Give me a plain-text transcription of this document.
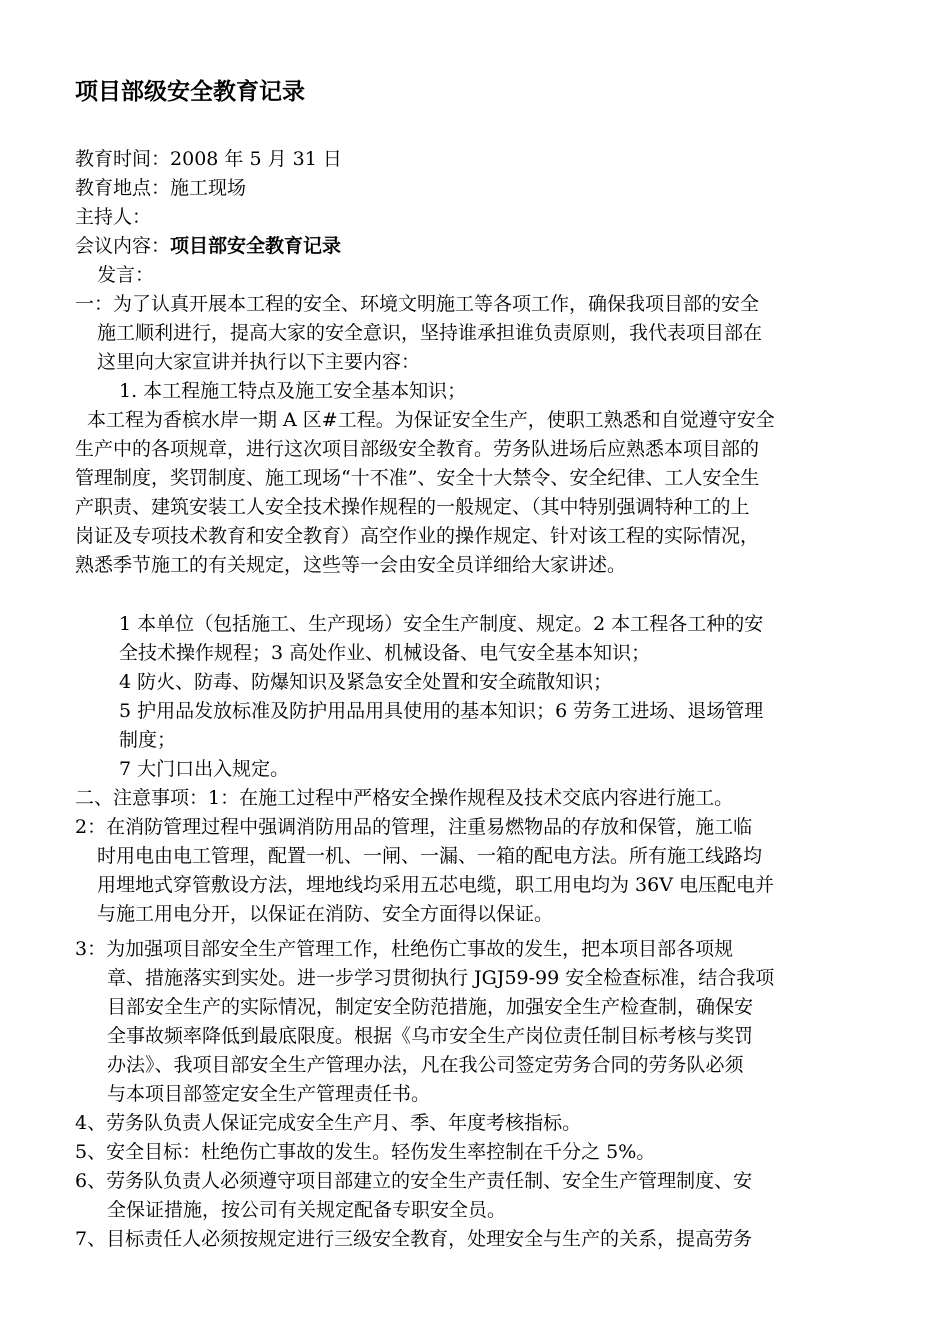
项目部级安全教育记录

教育时间：2008 年 5 月 31 日

教育地点：施工现场

主持人：

会议内容：项目部安全教育记录

发言：

一：为了认真开展本工程的安全、环境文明施工等各项工作，确保我项目部的安全

施工顺利进行，提高大家的安全意识，坚持谁承担谁负责原则，我代表项目部在

这里向大家宣讲并执行以下主要内容：

1. 本工程施工特点及施工安全基本知识；

本工程为香槟水岸一期 A 区#工程。为保证安全生产，使职工熟悉和自觉遵守安全

生产中的各项规章，进行这次项目部级安全教育。劳务队进场后应熟悉本项目部的

管理制度，奖罚制度、施工现场“十不准”、安全十大禁令、安全纪律、工人安全生

产职责、建筑安装工人安全技术操作规程的一般规定、（其中特别强调特种工的上

岗证及专项技术教育和安全教育）高空作业的操作规定、针对该工程的实际情况，

熟悉季节施工的有关规定，这些等一会由安全员详细给大家讲述。

1 本单位（包括施工、生产现场）安全生产制度、规定。2 本工程各工种的安

全技术操作规程；3 高处作业、机械设备、电气安全基本知识；

4 防火、防毒、防爆知识及紧急安全处置和安全疏散知识；

5 护用品发放标准及防护用品用具使用的基本知识；6 劳务工进场、退场管理

制度；

7 大门口出入规定。

二、注意事项：1：在施工过程中严格安全操作规程及技术交底内容进行施工。

2：在消防管理过程中强调消防用品的管理，注重易燃物品的存放和保管，施工临

时用电由电工管理，配置一机、一闸、一漏、一箱的配电方法。所有施工线路均

用埋地式穿管敷设方法，埋地线均采用五芯电缆，职工用电均为 36V 电压配电并

与施工用电分开，以保证在消防、安全方面得以保证。

3：为加强项目部安全生产管理工作，杜绝伤亡事故的发生，把本项目部各项规

章、措施落实到实处。进一步学习贯彻执行 JGJ59-99 安全检查标准，结合我项

目部安全生产的实际情况，制定安全防范措施，加强安全生产检查制，确保安

全事故频率降低到最底限度。根据《乌市安全生产岗位责任制目标考核与奖罚

办法》、我项目部安全生产管理办法，凡在我公司签定劳务合同的劳务队必须

与本项目部签定安全生产管理责任书。

4、劳务队负责人保证完成安全生产月、季、年度考核指标。

5、安全目标：杜绝伤亡事故的发生。轻伤发生率控制在千分之 5%。

6、劳务队负责人必须遵守项目部建立的安全生产责任制、安全生产管理制度、安

全保证措施，按公司有关规定配备专职安全员。

7、目标责任人必须按规定进行三级安全教育，处理安全与生产的关系，提高劳务
